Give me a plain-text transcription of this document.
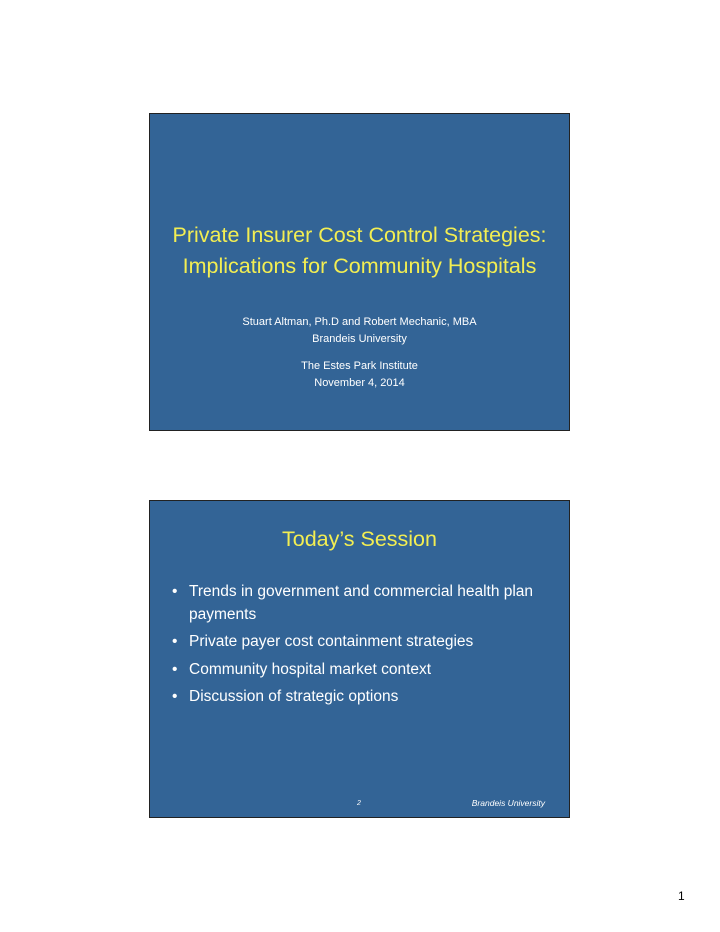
Private Insurer Cost Control Strategies:
Implications for Community Hospitals
Stuart Altman, Ph.D and Robert Mechanic, MBA
Brandeis University
The Estes Park Institute
November 4, 2014
Today’s Session
• Trends in government and commercial health plan payments
• Private payer cost containment strategies
• Community hospital market context
• Discussion of strategic options
2	Brandeis University
1
